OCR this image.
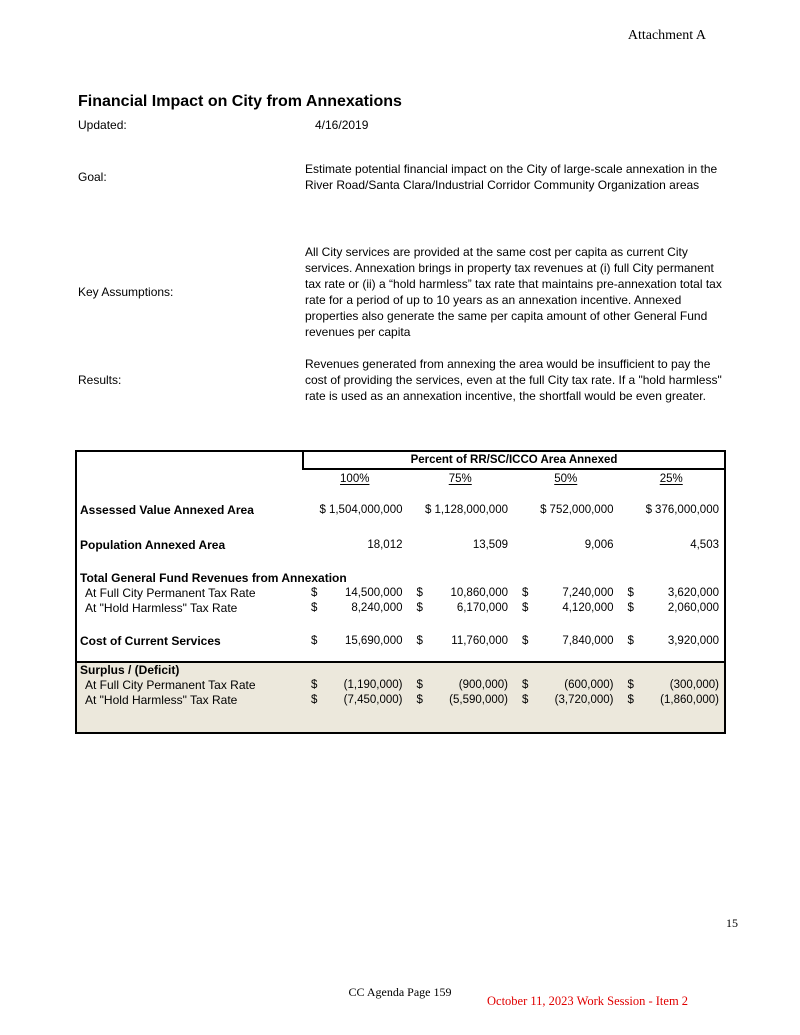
Attachment A
Financial Impact on City from Annexations
Updated:	4/16/2019
Goal:
Estimate potential financial impact on the City of large-scale annexation in the River Road/Santa Clara/Industrial Corridor Community Organization areas
Key Assumptions:
All City services are provided at the same cost per capita as current City services. Annexation brings in property tax revenues at (i) full City permanent tax rate or (ii) a “hold harmless” tax rate that maintains pre-annexation total tax rate for a period of up to 10 years as an annexation incentive. Annexed properties also generate the same per capita amount of other General Fund revenues per capita
Results:
Revenues generated from annexing the area would be insufficient to pay the cost of providing the services, even at the full City tax rate. If a "hold harmless" rate is used as an annexation incentive, the shortfall would be even greater.
Percent of RR/SC/ICCO Area Annexed
100%	75%	50%	25%
Assessed Value Annexed Area	$ 1,504,000,000 $ 1,128,000,000	$ 752,000,000	$ 376,000,000
Population Annexed Area	18,012	13,509	9,006	4,503
Total General Fund Revenues from Annexation
At Full City Permanent Tax Rate	$ 14,500,000 $ 10,860,000 $	7,240,000 $	3,620,000
At "Hold Harmless" Tax Rate	$	8,240,000 $	6,170,000 $	4,120,000 $	2,060,000
Cost of Current Services	$ 15,690,000 $ 11,760,000 $	7,840,000 $	3,920,000
Surplus / (Deficit)
At Full City Permanent Tax Rate	$ (1,190,000) $	(900,000) $	(600,000) $	(300,000)
At "Hold Harmless" Tax Rate	$ (7,450,000) $ (5,590,000) $ (3,720,000) $ (1,860,000)
15
CC Agenda Page 159
October 11, 2023 Work Session - Item 2
